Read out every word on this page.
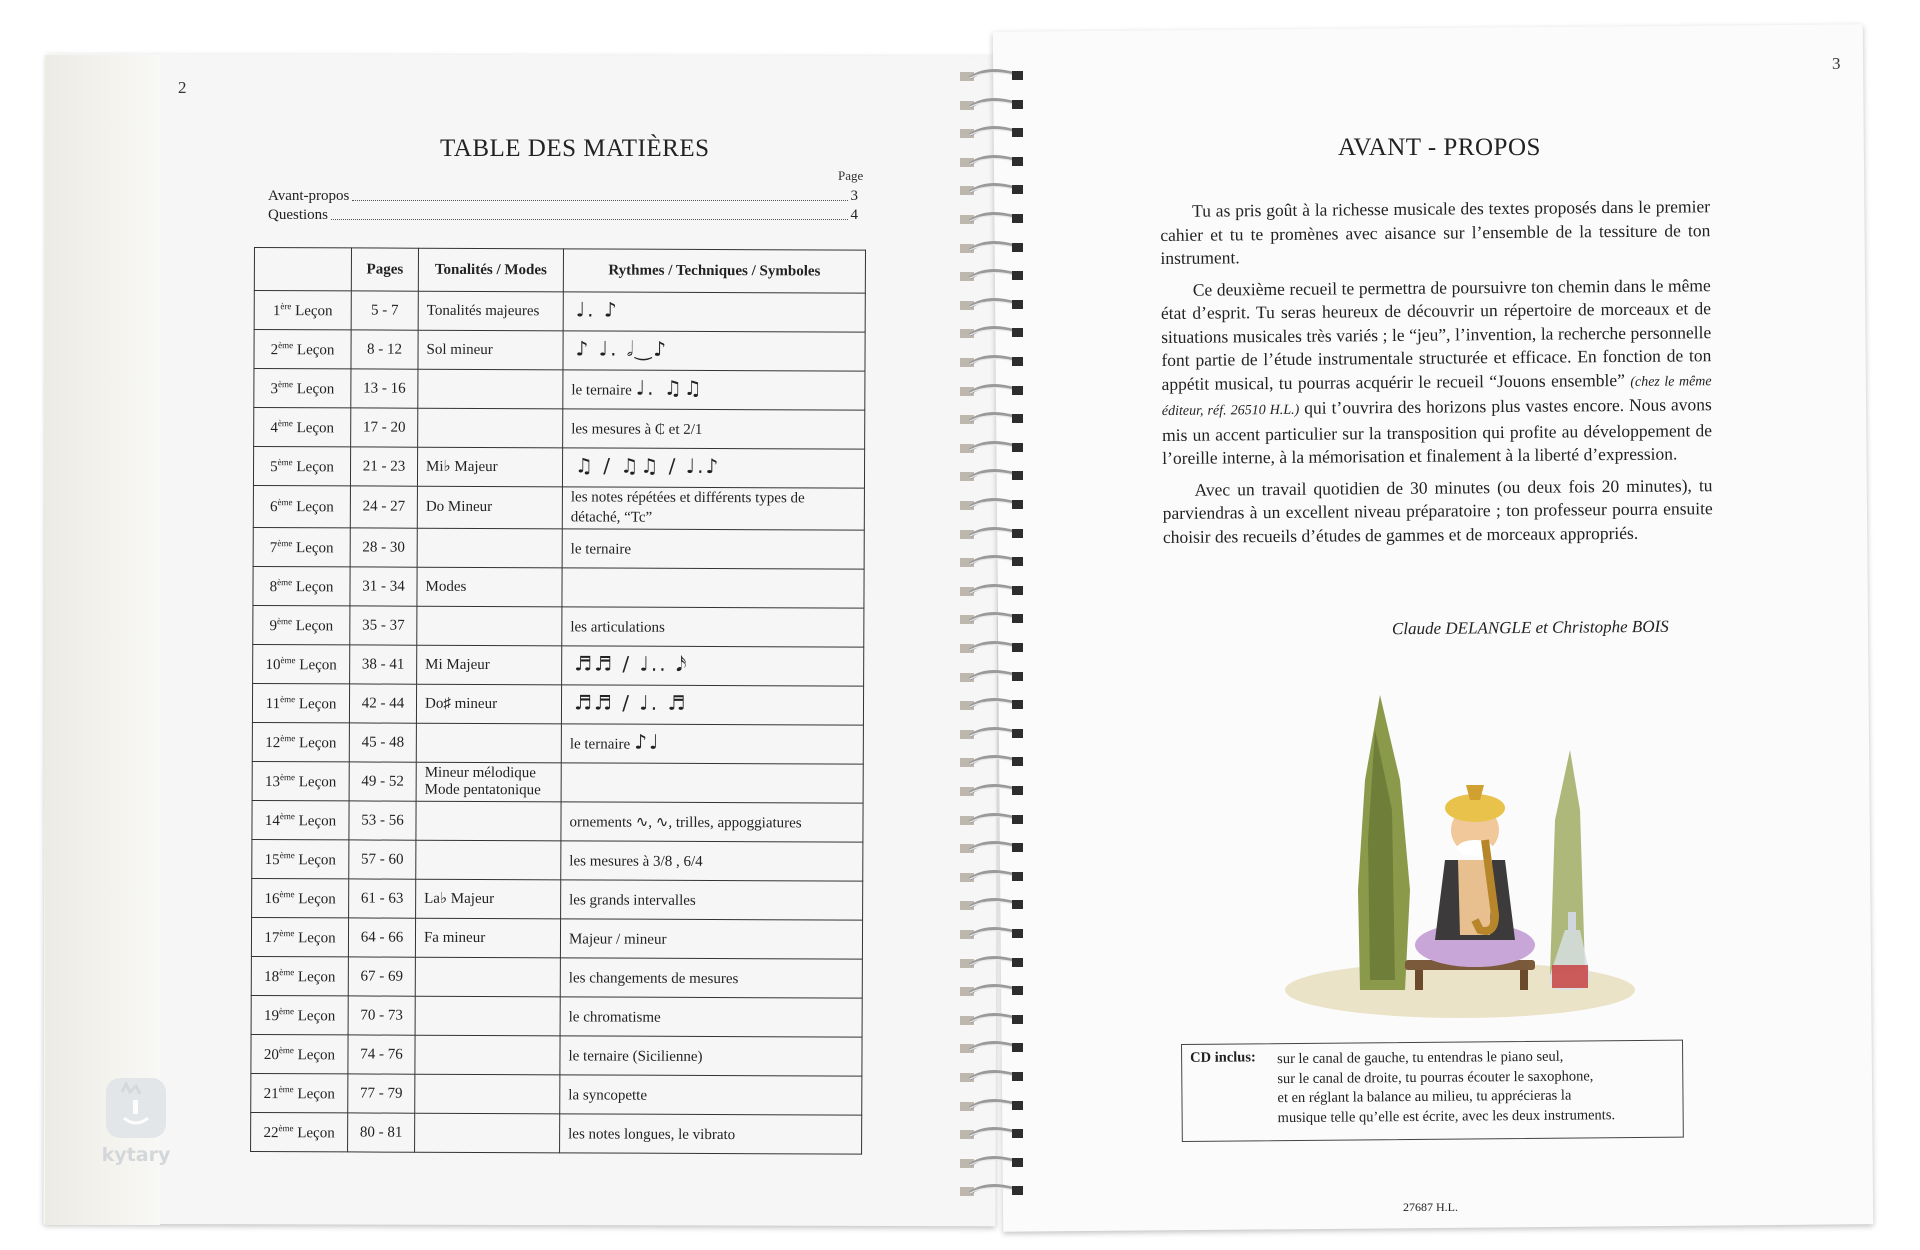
2
TABLE DES MATIÈRES
Page
Avant-propos	3
Questions	4
	Pages	Tonalités / Modes	Rythmes / Techniques / Symboles
1ère Leçon	5 - 7	Tonalités majeures	♩. ♪
2ème Leçon	8 - 12	Sol mineur	♪ ♩. 𝅗𝅥‿♪
3ème Leçon	13 - 16		le ternaire ♩. ♫♫
4ème Leçon	17 - 20		les mesures à ₵ et 2/1
5ème Leçon	21 - 23	Mi♭ Majeur	♫ / ♫♫ / ♩.♪
6ème Leçon	24 - 27	Do Mineur	les notes répétées et différents types de détaché, “Tc”
7ème Leçon	28 - 30		le ternaire
8ème Leçon	31 - 34	Modes	
9ème Leçon	35 - 37		les articulations
10ème Leçon	38 - 41	Mi Majeur	♬♬ / ♩.. 𝅘𝅥𝅯
11ème Leçon	42 - 44	Do♯ mineur	♬♬ / ♩. ♬
12ème Leçon	45 - 48		le ternaire ♪♩
13ème Leçon	49 - 52	Mineur mélodique Mode pentatonique	
14ème Leçon	53 - 56		ornements ∿, ∿, trilles, appoggiatures
15ème Leçon	57 - 60		les mesures à 3/8 , 6/4
16ème Leçon	61 - 63	La♭ Majeur	les grands intervalles
17ème Leçon	64 - 66	Fa mineur	Majeur / mineur
18ème Leçon	67 - 69		les changements de mesures
19ème Leçon	70 - 73		le chromatisme
20ème Leçon	74 - 76		le ternaire (Sicilienne)
21ème Leçon	77 - 79		la syncopette
22ème Leçon	80 - 81		les notes longues, le vibrato
3
AVANT - PROPOS

Tu as pris goût à la richesse musicale des textes proposés dans le premier cahier et tu te promènes avec aisance sur l’ensemble de la tessiture de ton instrument.

Ce deuxième recueil te permettra de poursuivre ton chemin dans le même état d’esprit. Tu seras heureux de découvrir un répertoire de morceaux et de situations musicales très variés ; le “jeu”, l’invention, la recherche personnelle font partie de l’étude instrumentale structurée et efficace. En fonction de ton appétit musical, tu pourras acquérir le recueil “Jouons ensemble” (chez le même éditeur, réf. 26510 H.L.) qui t’ouvrira des horizons plus vastes encore. Nous avons mis un accent particulier sur la transposition qui profite au développement de l’oreille interne, à la mémorisation et finalement à la liberté d’expression.

Avec un travail quotidien de 30 minutes (ou deux fois 20 minutes), tu parviendras à un excellent niveau préparatoire ; ton professeur pourra ensuite choisir des recueils d’études de gammes et de morceaux appropriés.

Claude DELANGLE et Christophe BOIS
CD inclus: sur le canal de gauche, tu entendras le piano seul,
sur le canal de droite, tu pourras écouter le saxophone,
et en réglant la balance au milieu, tu apprécieras la
musique telle qu’elle est écrite, avec les deux instruments.
27687 H.L.
kytary
